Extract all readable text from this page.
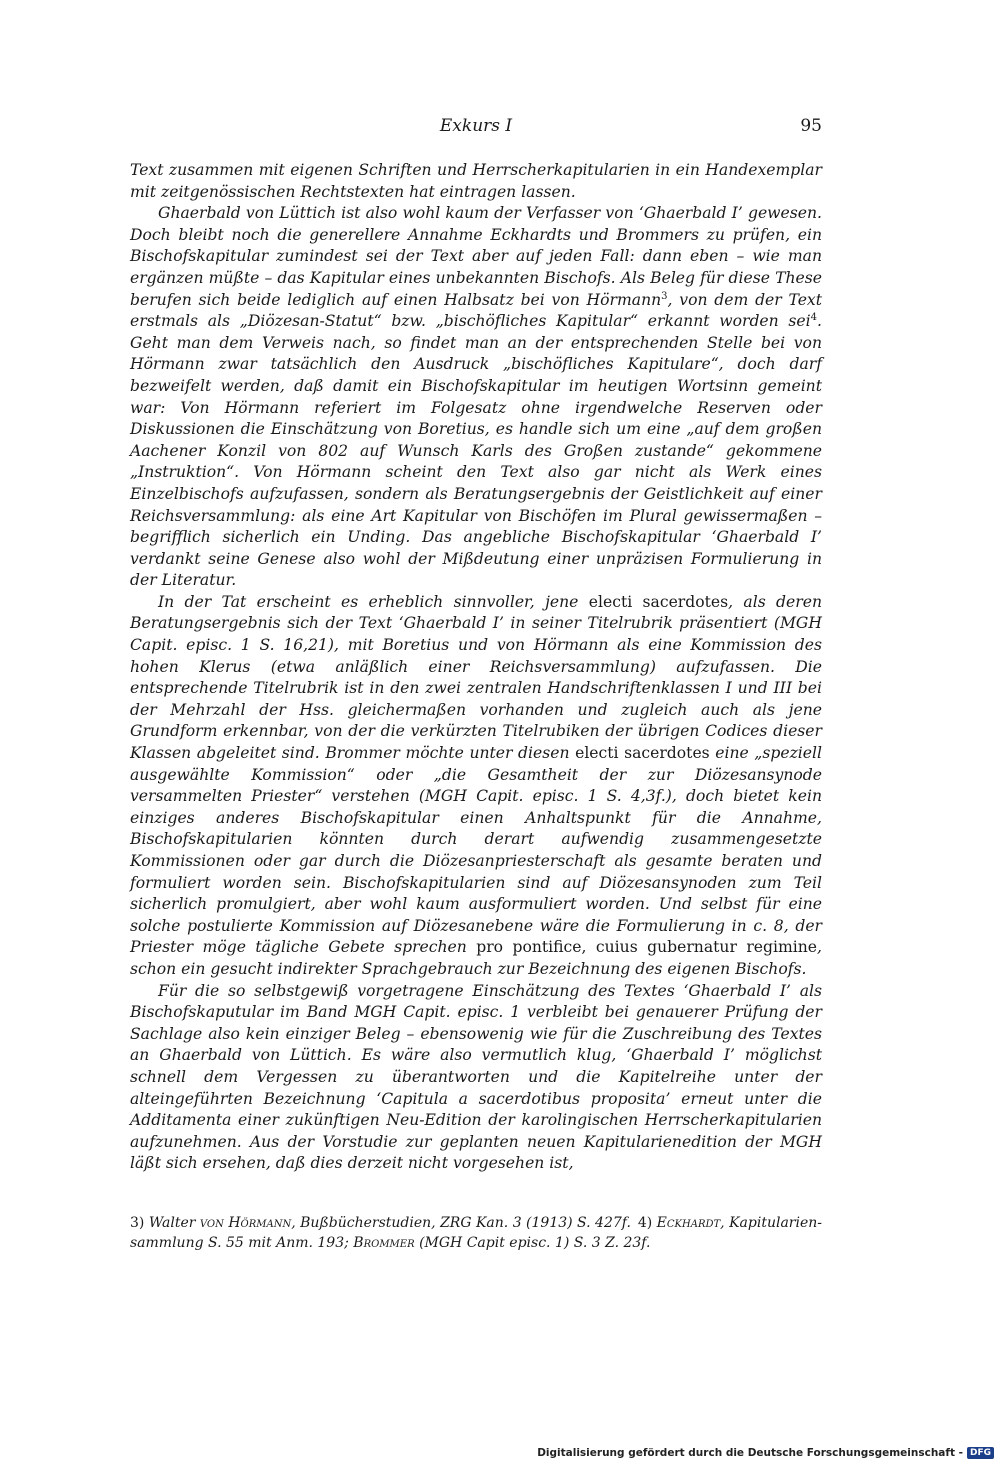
Exkurs I	95

Text zusammen mit eigenen Schriften und Herrscherkapitularien in ein Handexemplar mit zeitgenössischen Rechtstexten hat eintragen lassen.

Ghaerbald von Lüttich ist also wohl kaum der Verfasser von ‘Ghaerbald I’ gewesen. Doch bleibt noch die generellere Annahme Eckhardts und Brommers zu prüfen, ein Bischofskapitular zumindest sei der Text aber auf jeden Fall: dann eben – wie man ergänzen müßte – das Kapitular eines unbekannten Bischofs. Als Beleg für diese These berufen sich beide lediglich auf einen Halbsatz bei von Hörmann$^3$, von dem der Text erstmals als „Diözesan-Statut“ bzw. „bischöfliches Kapitular“ erkannt worden sei$^4$. Geht man dem Verweis nach, so findet man an der entsprechenden Stelle bei von Hörmann zwar tatsächlich den Ausdruck „bischöfliches Kapitulare“, doch darf bezweifelt werden, daß damit ein Bischofskapitular im heutigen Wortsinn gemeint war: Von Hörmann referiert im Folgesatz ohne irgendwelche Reserven oder Diskussionen die Einschätzung von Boretius, es handle sich um eine „auf dem großen Aachener Konzil von 802 auf Wunsch Karls des Großen zustande“ gekommene „Instruktion“. Von Hörmann scheint den Text also gar nicht als Werk eines Einzelbischofs aufzufassen, sondern als Beratungsergebnis der Geistlichkeit auf einer Reichsversammlung: als eine Art Kapitular von Bischöfen im Plural gewissermaßen – begrifflich sicherlich ein Unding. Das angebliche Bischofskapitular ‘Ghaerbald I’ verdankt seine Genese also wohl der Mißdeutung einer unpräzisen Formulierung in der Literatur.

In der Tat erscheint es erheblich sinnvoller, jene electi sacerdotes, als deren Beratungsergebnis sich der Text ‘Ghaerbald I’ in seiner Titelrubrik präsentiert (MGH Capit. episc. 1 S. 16,21), mit Boretius und von Hörmann als eine Kommission des hohen Klerus (etwa anläßlich einer Reichsversammlung) aufzufassen. Die entsprechende Titelrubrik ist in den zwei zentralen Handschriftenklassen I und III bei der Mehrzahl der Hss. gleichermaßen vorhanden und zugleich auch als jene Grundform erkennbar, von der die verkürzten Titelrubiken der übrigen Codices dieser Klassen abgeleitet sind. Brommer möchte unter diesen electi sacerdotes eine „speziell ausgewählte Kommission“ oder „die Gesamtheit der zur Diözesansynode versammelten Priester“ verstehen (MGH Capit. episc. 1 S. 4,3f.), doch bietet kein einziges anderes Bischofskapitular einen Anhaltspunkt für die Annahme, Bischofskapitularien könnten durch derart aufwendig zusammengesetzte Kommissionen oder gar durch die Diözesanpriesterschaft als gesamte beraten und formuliert worden sein. Bischofskapitularien sind auf Diözesansynoden zum Teil sicherlich promulgiert, aber wohl kaum ausformuliert worden. Und selbst für eine solche postulierte Kommission auf Diözesanebene wäre die Formulierung in c. 8, der Priester möge tägliche Gebete sprechen pro pontifice, cuius gubernatur regimine, schon ein gesucht indirekter Sprachgebrauch zur Bezeichnung des eigenen Bischofs.

Für die so selbstgewiß vorgetragene Einschätzung des Textes ‘Ghaerbald I’ als Bischofskaputular im Band MGH Capit. episc. 1 verbleibt bei genauerer Prüfung der Sachlage also kein einziger Beleg – ebensowenig wie für die Zuschreibung des Textes an Ghaerbald von Lüttich. Es wäre also vermutlich klug, ‘Ghaerbald I’ möglichst schnell dem Vergessen zu überantworten und die Kapitelreihe unter der alteingeführten Bezeichnung ‘Capitula a sacerdotibus proposita’ erneut unter die Additamenta einer zukünftigen Neu-Edition der karolingischen Herrscherkapitularien aufzunehmen. Aus der Vorstudie zur geplanten neuen Kapitularienedition der MGH läßt sich ersehen, daß dies derzeit nicht vorgesehen ist,

3) Walter von Hörmann, Bußbücherstudien, ZRG Kan. 3 (1913) S. 427f. 4) Eckhardt, Kapitularien-
sammlung S. 55 mit Anm. 193; Brommer (MGH Capit episc. 1) S. 3 Z. 23f.
Digitalisierung gefördert durch die Deutsche Forschungsgemeinschaft - DFG
